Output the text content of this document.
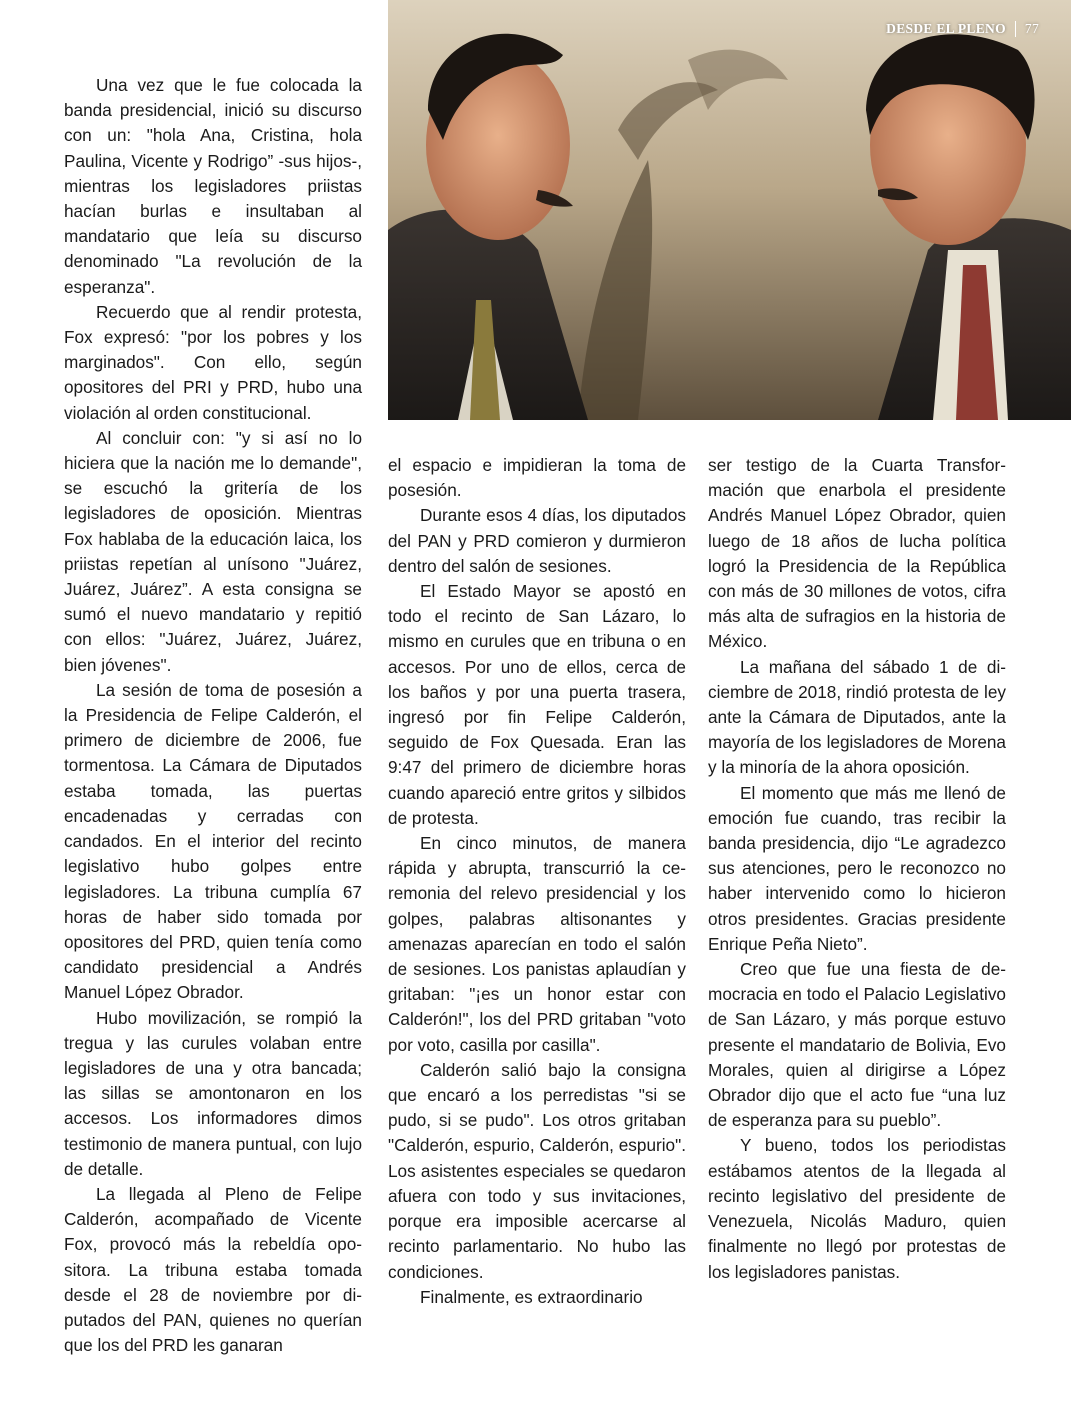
DESDE EL PLENO 77

Una vez que le fue colocada la banda presidencial, inició su discurso con un: "hola Ana, Cristina, hola Paulina, Vicente y Rodrigo” -sus hijos-, mientras los legisladores priistas hacían burlas e insultaban al mandatario que leía su discurso denominado "La revolución de la esperanza".

Recuerdo que al rendir protesta, Fox expresó: "por los pobres y los marginados". Con ello, según opositores del PRI y PRD, hubo una violación al orden constitucional.

Al concluir con: "y si así no lo hiciera que la nación me lo demande", se escuchó la gritería de los legisladores de oposición. Mientras Fox hablaba de la educación laica, los priistas repetían al unísono "Juárez, Juárez, Juárez”. A esta consigna se sumó el nuevo mandatario y repitió con ellos: "Juárez, Juárez, Juárez, bien jóvenes".

La sesión de toma de posesión a la Presidencia de Felipe Calderón, el primero de diciembre de 2006, fue tormentosa. La Cámara de Diputados estaba tomada, las puertas encadenadas y cerradas con candados. En el interior del recinto legislativo hubo golpes entre legisladores. La tribuna cumplía 67 horas de haber sido tomada por opositores del PRD, quien tenía como candidato presidencial a Andrés Manuel López Obrador.

Hubo movilización, se rompió la tregua y las curules volaban entre legisladores de una y otra bancada; las sillas se amontonaron en los accesos. Los informadores dimos testimonio de manera puntual, con lujo de detalle.

La llegada al Pleno de Felipe Calderón, acompañado de Vicente Fox, provocó más la rebeldía opositora. La tribuna estaba tomada desde el 28 de noviembre por diputados del PAN, quienes no querían que los del PRD les ganaran

el espacio e impidieran la toma de posesión.

Durante esos 4 días, los diputados del PAN y PRD comieron y durmieron dentro del salón de sesiones.

El Estado Mayor se apostó en todo el recinto de San Lázaro, lo mismo en curules que en tribuna o en accesos. Por uno de ellos, cerca de los baños y por una puerta trasera, ingresó por fin Felipe Calderón, seguido de Fox Quesada. Eran las 9:47 del primero de diciembre horas cuando apareció entre gritos y silbidos de protesta.

En cinco minutos, de manera rápida y abrupta, transcurrió la ceremonia del relevo presidencial y los golpes, palabras altisonantes y amenazas aparecían en todo el salón de sesiones. Los panistas aplaudían y gritaban: "¡es un honor estar con Calderón!", los del PRD gritaban "voto por voto, casilla por casilla".

Calderón salió bajo la consigna que encaró a los perredistas "si se pudo, si se pudo". Los otros gritaban "Calderón, espurio, Calderón, espurio". Los asistentes especiales se quedaron afuera con todo y sus invitaciones, porque era imposible acercarse al recinto parlamentario. No hubo las condiciones.

Finalmente, es extraordinario

ser testigo de la Cuarta Transformación que enarbola el presidente Andrés Manuel López Obrador, quien luego de 18 años de lucha política logró la Presidencia de la República con más de 30 millones de votos, cifra más alta de sufragios en la historia de México.

La mañana del sábado 1 de diciembre de 2018, rindió protesta de ley ante la Cámara de Diputados, ante la mayoría de los legisladores de Morena y la minoría de la ahora oposición.

El momento que más me llenó de emoción fue cuando, tras recibir la banda presidencia, dijo “Le agradezco sus atenciones, pero le reconozco no haber intervenido como lo hicieron otros presidentes. Gracias presidente Enrique Peña Nieto”.

Creo que fue una fiesta de democracia en todo el Palacio Legislativo de San Lázaro, y más porque estuvo presente el mandatario de Bolivia, Evo Morales, quien al dirigirse a López Obrador dijo que el acto fue “una luz de esperanza para su pueblo”.

Y bueno, todos los periodistas estábamos atentos de la llegada al recinto legislativo del presidente de Venezuela, Nicolás Maduro, quien finalmente no llegó por protestas de los legisladores panistas.
